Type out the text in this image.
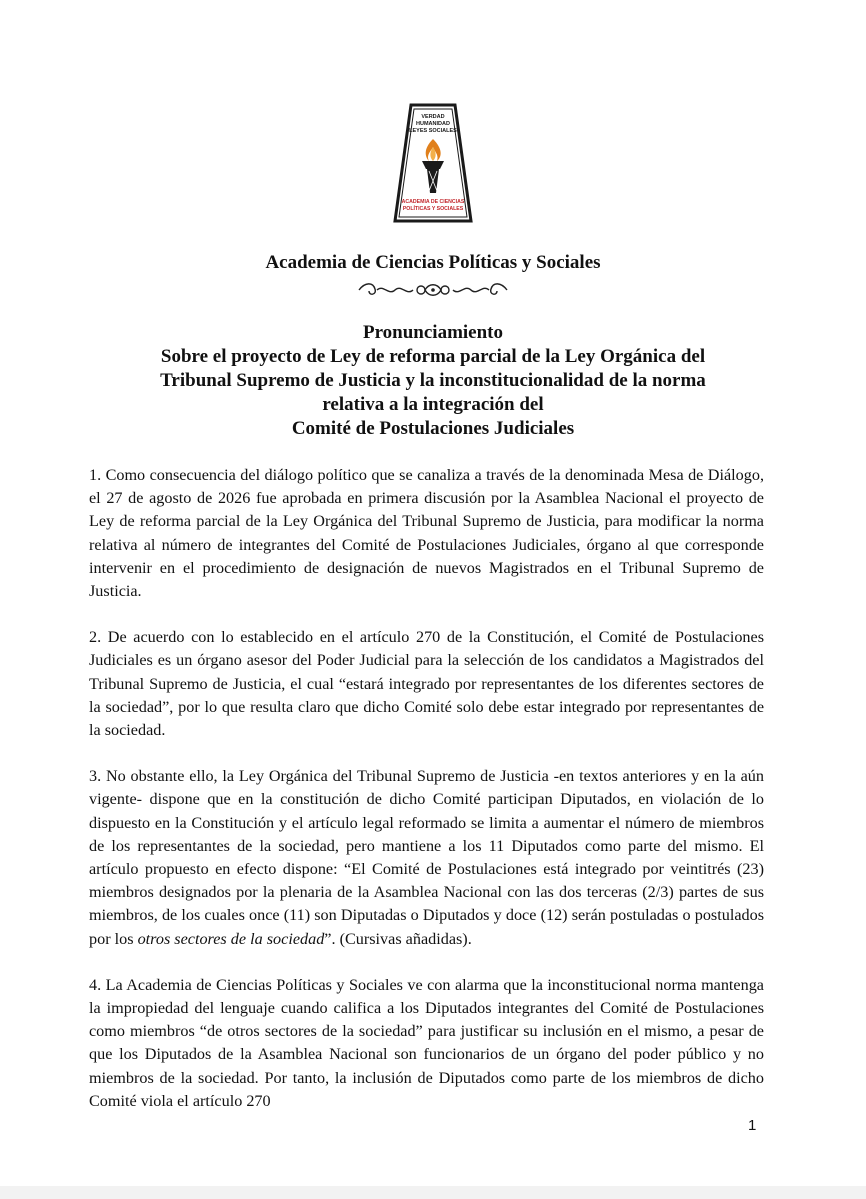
VERDAD
HUMANIDAD
LEYES SOCIALES
ACADEMIA DE CIENCIAS
POLÍTICAS Y SOCIALES
Academia de Ciencias Políticas y Sociales
Pronunciamiento
Sobre el proyecto de Ley de reforma parcial de la Ley Orgánica del
Tribunal Supremo de Justicia y la inconstitucionalidad de la norma
relativa a la integración del
Comité de Postulaciones Judiciales

1. Como consecuencia del diálogo político que se canaliza a través de la denominada Mesa de Diálogo, el 27 de agosto de 2026 fue aprobada en primera discusión por la Asamblea Nacional el proyecto de Ley de reforma parcial de la Ley Orgánica del Tribunal Supremo de Justicia, para modificar la norma relativa al número de integrantes del Comité de Postulaciones Judiciales, órgano al que corresponde intervenir en el procedimiento de designación de nuevos Magistrados en el Tribunal Supremo de Justicia.

2. De acuerdo con lo establecido en el artículo 270 de la Constitución, el Comité de Postulaciones Judiciales es un órgano asesor del Poder Judicial para la selección de los candidatos a Magistrados del Tribunal Supremo de Justicia, el cual “estará integrado por representantes de los diferentes sectores de la sociedad”, por lo que resulta claro que dicho Comité solo debe estar integrado por representantes de la sociedad.

3. No obstante ello, la Ley Orgánica del Tribunal Supremo de Justicia -en textos anteriores y en la aún vigente- dispone que en la constitución de dicho Comité participan Diputados, en violación de lo dispuesto en la Constitución y el artículo legal reformado se limita a aumentar el número de miembros de los representantes de la sociedad, pero mantiene a los 11 Diputados como parte del mismo. El artículo propuesto en efecto dispone: “El Comité de Postulaciones está integrado por veintitrés (23) miembros designados por la plenaria de la Asamblea Nacional con las dos terceras (2/3) partes de sus miembros, de los cuales once (11) son Diputadas o Diputados y doce (12) serán postuladas o postulados por los otros sectores de la sociedad”. (Cursivas añadidas).

4. La Academia de Ciencias Políticas y Sociales ve con alarma que la inconstitucional norma mantenga la impropiedad del lenguaje cuando califica a los Diputados integrantes del Comité de Postulaciones como miembros “de otros sectores de la sociedad” para justificar su inclusión en el mismo, a pesar de que los Diputados de la Asamblea Nacional son funcionarios de un órgano del poder público y no miembros de la sociedad. Por tanto, la inclusión de Diputados como parte de los miembros de dicho Comité viola el artículo 270

1
